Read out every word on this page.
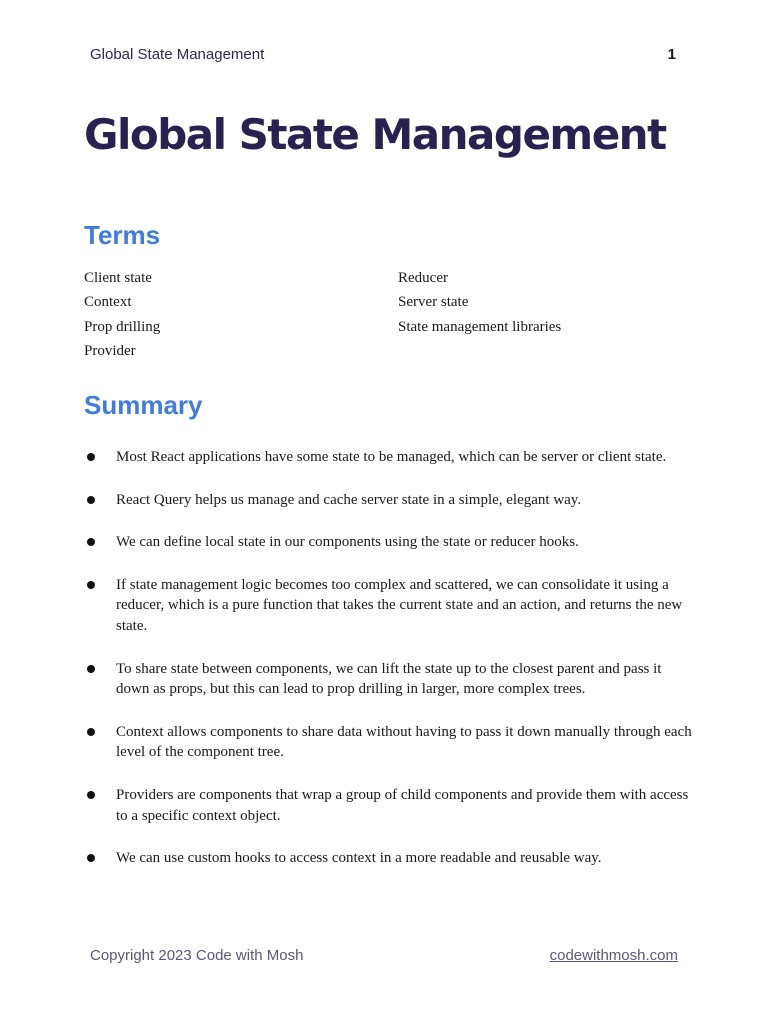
Global State Management	1
Global State Management
Terms
Client state
Context
Prop drilling
Provider
Reducer
Server state
State management libraries
Summary
Most React applications have some state to be managed, which can be server or client state.
React Query helps us manage and cache server state in a simple, elegant way.
We can define local state in our components using the state or reducer hooks.
If state management logic becomes too complex and scattered, we can consolidate it using a reducer, which is a pure function that takes the current state and an action, and returns the new state.
To share state between components, we can lift the state up to the closest parent and pass it down as props, but this can lead to prop drilling in larger, more complex trees.
Context allows components to share data without having to pass it down manually through each level of the component tree.
Providers are components that wrap a group of child components and provide them with access to a specific context object.
We can use custom hooks to access context in a more readable and reusable way.
Copyright 2023 Code with Mosh	codewithmosh.com
